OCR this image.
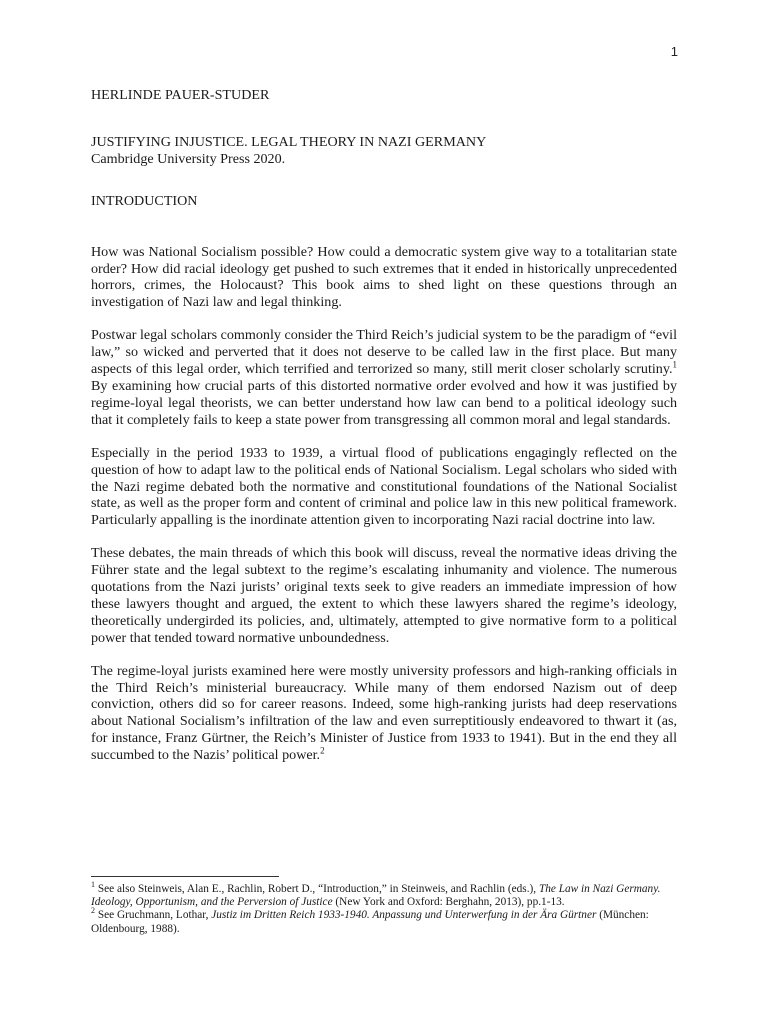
1
HERLINDE PAUER-STUDER
JUSTIFYING INJUSTICE. LEGAL THEORY IN NAZI GERMANY
Cambridge University Press 2020.
INTRODUCTION

How was National Socialism possible? How could a democratic system give way to a totalitarian state order? How did racial ideology get pushed to such extremes that it ended in historically unprecedented horrors, crimes, the Holocaust? This book aims to shed light on these questions through an investigation of Nazi law and legal thinking.

Postwar legal scholars commonly consider the Third Reich’s judicial system to be the paradigm of “evil law,” so wicked and perverted that it does not deserve to be called law in the first place. But many aspects of this legal order, which terrified and terrorized so many, still merit closer scholarly scrutiny.$^1$ By examining how crucial parts of this distorted normative order evolved and how it was justified by regime-loyal legal theorists, we can better understand how law can bend to a political ideology such that it completely fails to keep a state power from transgressing all common moral and legal standards.

Especially in the period 1933 to 1939, a virtual flood of publications engagingly reflected on the question of how to adapt law to the political ends of National Socialism. Legal scholars who sided with the Nazi regime debated both the normative and constitutional foundations of the National Socialist state, as well as the proper form and content of criminal and police law in this new political framework. Particularly appalling is the inordinate attention given to incorporating Nazi racial doctrine into law.

These debates, the main threads of which this book will discuss, reveal the normative ideas driving the Führer state and the legal subtext to the regime’s escalating inhumanity and violence. The numerous quotations from the Nazi jurists’ original texts seek to give readers an immediate impression of how these lawyers thought and argued, the extent to which these lawyers shared the regime’s ideology, theoretically undergirded its policies, and, ultimately, attempted to give normative form to a political power that tended toward normative unboundedness.

The regime-loyal jurists examined here were mostly university professors and high-ranking officials in the Third Reich’s ministerial bureaucracy. While many of them endorsed Nazism out of deep conviction, others did so for career reasons. Indeed, some high-ranking jurists had deep reservations about National Socialism’s infiltration of the law and even surreptitiously endeavored to thwart it (as, for instance, Franz Gürtner, the Reich’s Minister of Justice from 1933 to 1941). But in the end they all succumbed to the Nazis’ political power.$^2$

$^1$ See also Steinweis, Alan E., Rachlin, Robert D., “Introduction,” in Steinweis, and Rachlin (eds.), The Law in Nazi Germany. Ideology, Opportunism, and the Perversion of Justice (New York and Oxford: Berghahn, 2013), pp.1-13.

$^2$ See Gruchmann, Lothar, Justiz im Dritten Reich 1933-1940. Anpassung und Unterwerfung in der Ära Gürtner (München: Oldenbourg, 1988).
